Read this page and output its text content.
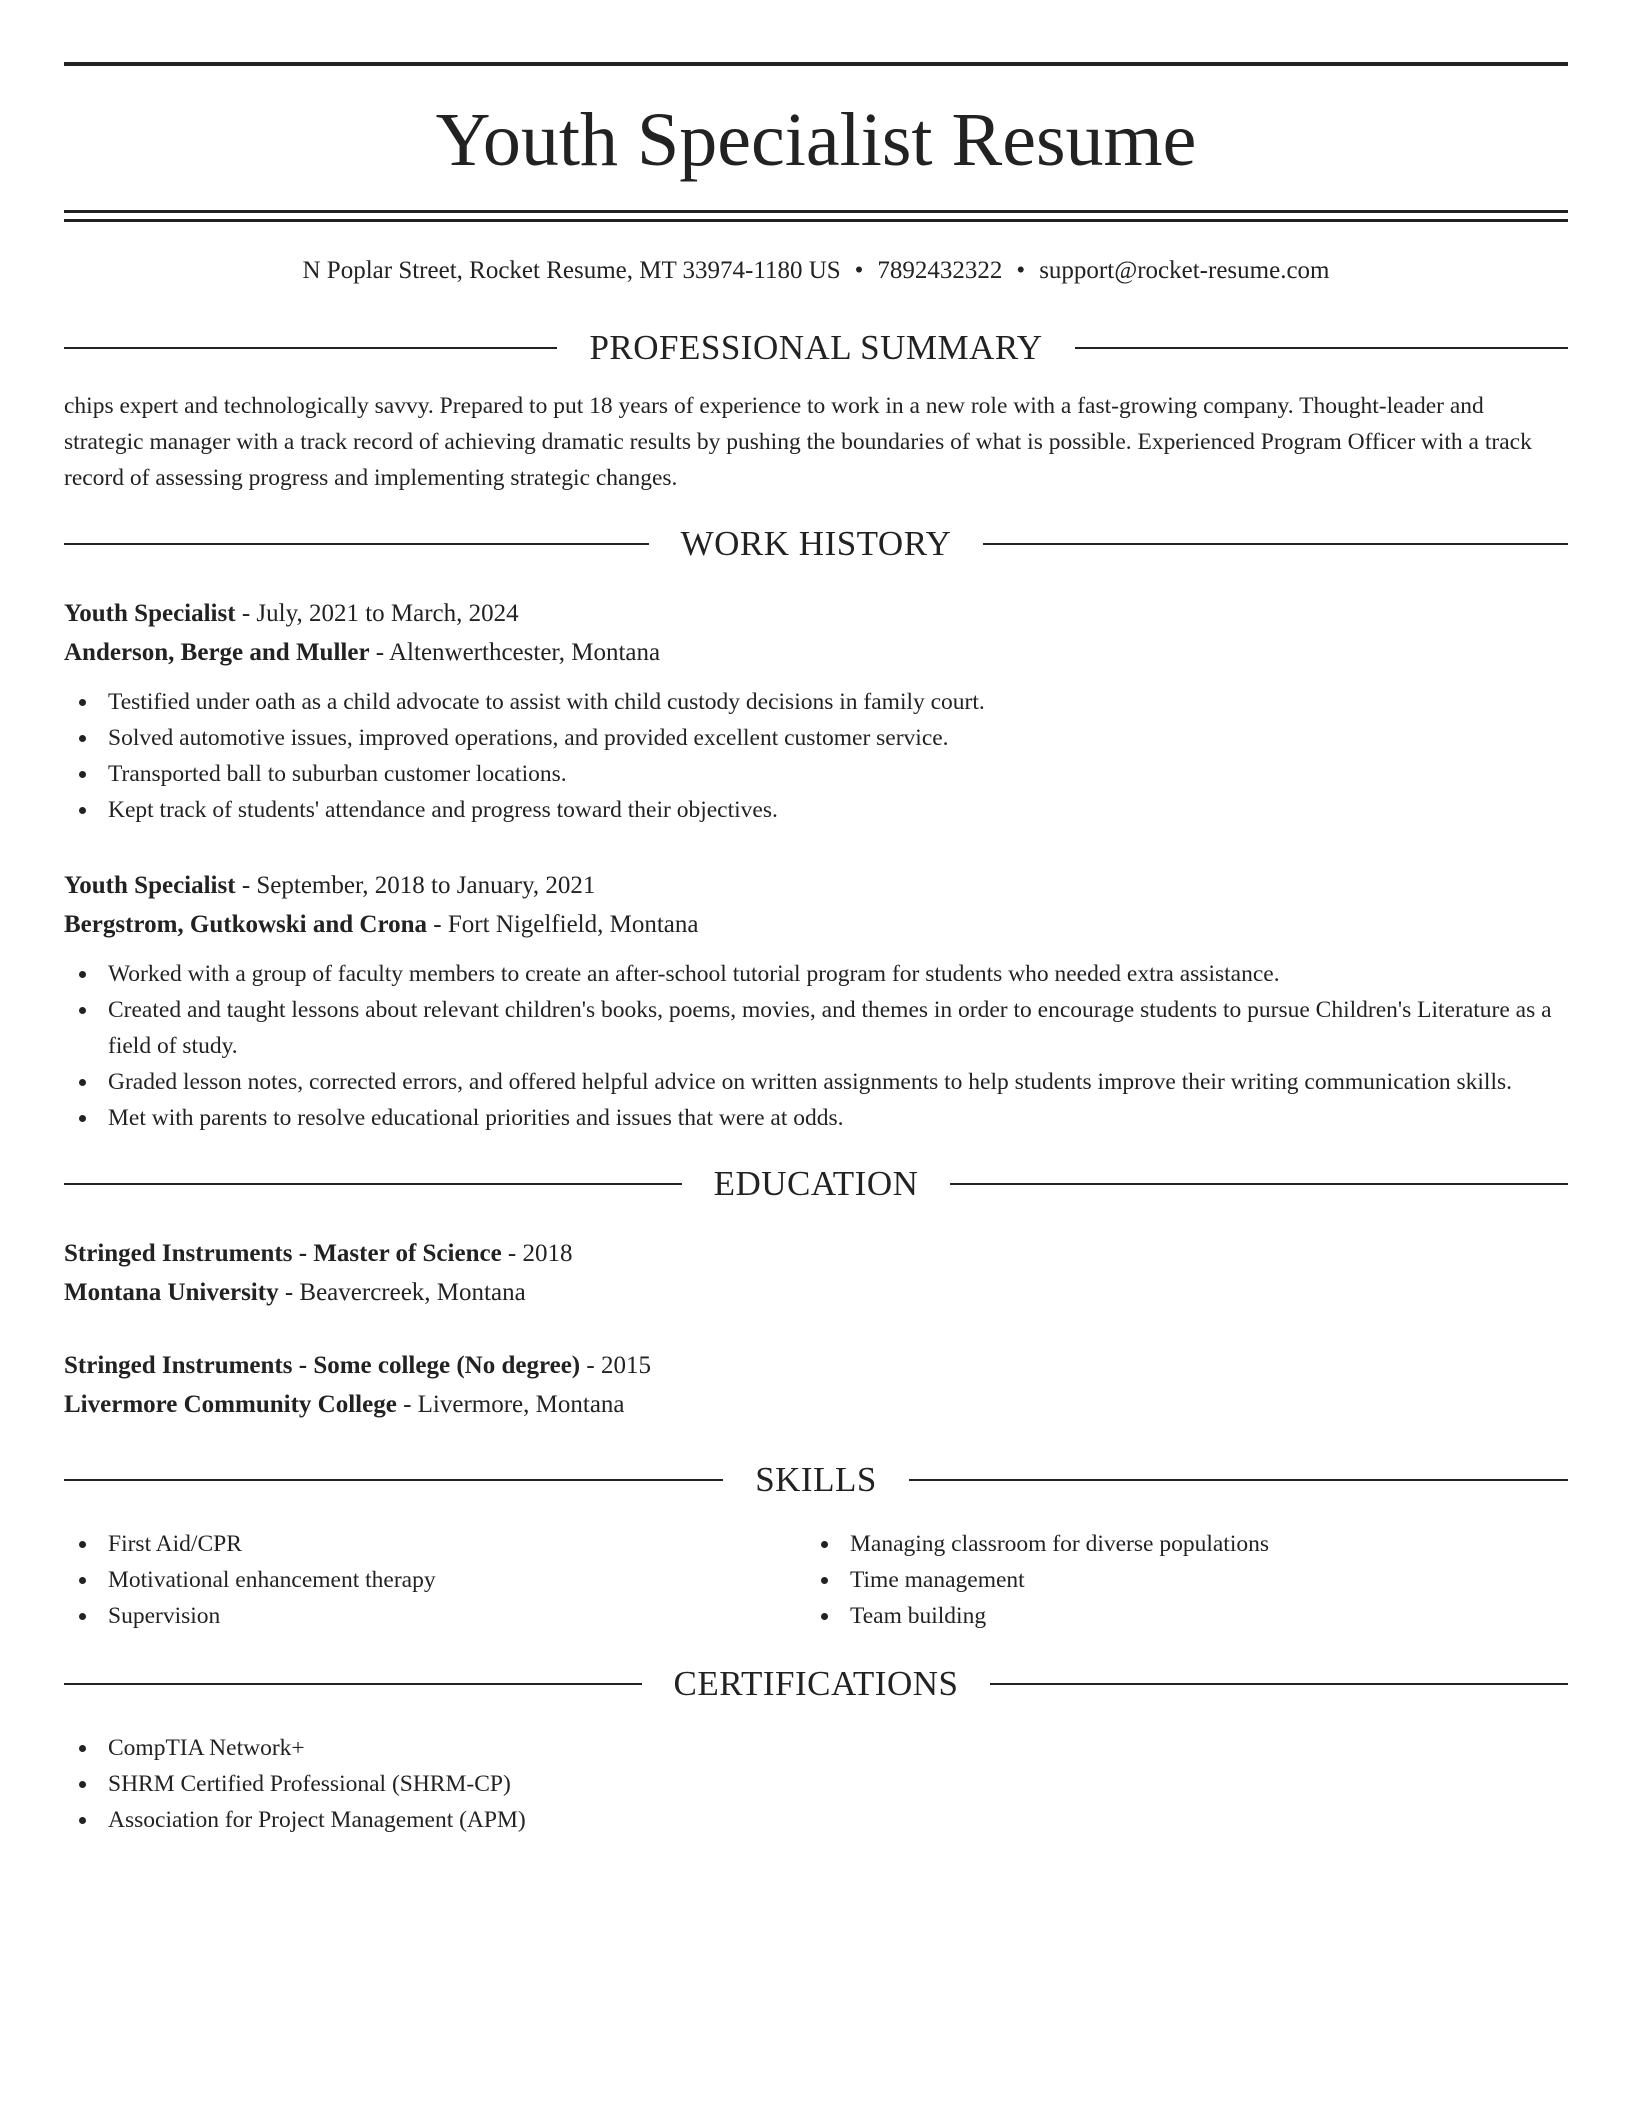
Youth Specialist Resume
N Poplar Street, Rocket Resume, MT 33974-1180 US • 7892432322 • support@rocket-resume.com
PROFESSIONAL SUMMARY
chips expert and technologically savvy. Prepared to put 18 years of experience to work in a new role with a fast-growing company. Thought-leader and strategic manager with a track record of achieving dramatic results by pushing the boundaries of what is possible. Experienced Program Officer with a track record of assessing progress and implementing strategic changes.
WORK HISTORY
Youth Specialist - July, 2021 to March, 2024
Anderson, Berge and Muller - Altenwerthcester, Montana
Testified under oath as a child advocate to assist with child custody decisions in family court.
Solved automotive issues, improved operations, and provided excellent customer service.
Transported ball to suburban customer locations.
Kept track of students' attendance and progress toward their objectives.
Youth Specialist - September, 2018 to January, 2021
Bergstrom, Gutkowski and Crona - Fort Nigelfield, Montana
Worked with a group of faculty members to create an after-school tutorial program for students who needed extra assistance.
Created and taught lessons about relevant children's books, poems, movies, and themes in order to encourage students to pursue Children's Literature as a field of study.
Graded lesson notes, corrected errors, and offered helpful advice on written assignments to help students improve their writing communication skills.
Met with parents to resolve educational priorities and issues that were at odds.
EDUCATION
Stringed Instruments - Master of Science - 2018
Montana University - Beavercreek, Montana
Stringed Instruments - Some college (No degree) - 2015
Livermore Community College - Livermore, Montana
SKILLS
First Aid/CPR
Motivational enhancement therapy
Supervision
Managing classroom for diverse populations
Time management
Team building
CERTIFICATIONS
CompTIA Network+
SHRM Certified Professional (SHRM-CP)
Association for Project Management (APM)
